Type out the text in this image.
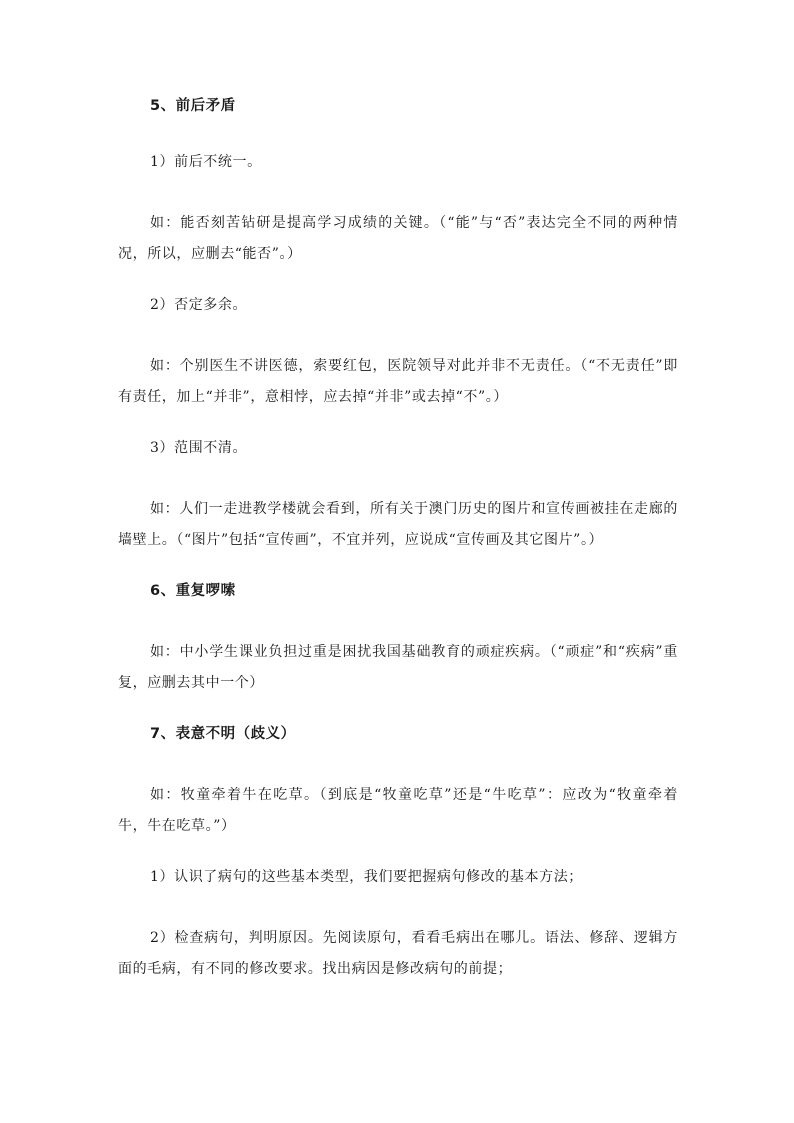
5、前后矛盾
1）前后不统一。

如：能否刻苦钻研是提高学习成绩的关键。（“能”与“否”表达完全不同的两种情况，所以，应删去“能否”。）

2）否定多余。

如：个别医生不讲医德，索要红包，医院领导对此并非不无责任。（“不无责任”即有责任，加上“并非”，意相悖，应去掉“并非”或去掉“不”。）

3）范围不清。

如：人们一走进教学楼就会看到，所有关于澳门历史的图片和宣传画被挂在走廊的墙壁上。（“图片”包括“宣传画”，不宜并列，应说成“宣传画及其它图片”。）

6、重复啰嗦

如：中小学生课业负担过重是困扰我国基础教育的顽症疾病。（“顽症”和“疾病”重复，应删去其中一个）

7、表意不明（歧义）

如：牧童牵着牛在吃草。（到底是“牧童吃草”还是“牛吃草”：应改为“牧童牵着牛，牛在吃草。”）

1）认识了病句的这些基本类型，我们要把握病句修改的基本方法；

2）检查病句，判明原因。先阅读原句，看看毛病出在哪儿。语法、修辞、逻辑方面的毛病，有不同的修改要求。找出病因是修改病句的前提；
